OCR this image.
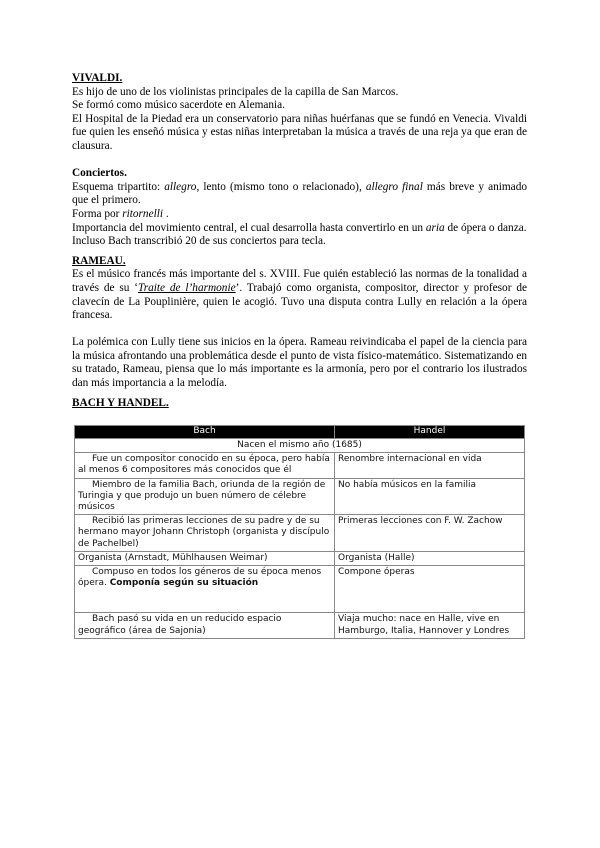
VIVALDI.

Es hijo de uno de los violinistas principales de la capilla de San Marcos.

Se formó como músico sacerdote en Alemania.

El Hospital de la Piedad era un conservatorio para niñas huérfanas que se fundó en Venecia. Vivaldi fue quien les enseñó música y estas niñas interpretaban la música a través de una reja ya que eran de clausura.

Conciertos.

Esquema tripartito: allegro, lento (mismo tono o relacionado), allegro final más breve y animado que el primero.

Forma por ritornelli .

Importancia del movimiento central, el cual desarrolla hasta convertirlo en un aria de ópera o danza.

Incluso Bach transcribió 20 de sus conciertos para tecla.

RAMEAU.

Es el músico francés más importante del s. XVIII. Fue quién estableció las normas de la tonalidad a través de su ‘Traite de l’harmonie’. Trabajó como organista, compositor, director y profesor de clavecín de La Pouplinière, quien le acogió. Tuvo una disputa contra Lully en relación a la ópera francesa.

La polémica con Lully tiene sus inicios en la ópera. Rameau reivindicaba el papel de la ciencia para la música afrontando una problemática desde el punto de vista físico-matemático. Sistematizando en su tratado, Rameau, piensa que lo más importante es la armonía, pero por el contrario los ilustrados dan más importancia a la melodía.

BACH Y HANDEL.
Bach	Handel
Nacen el mismo año (1685)	
Fue un compositor conocido en su época, pero había al menos 6 compositores más conocidos que él	Renombre internacional en vida
Miembro de la familia Bach, oriunda de la región de Turingia y que produjo un buen número de célebre músicos	No había músicos en la familia
Recibió las primeras lecciones de su padre y de su hermano mayor Johann Christoph (organista y discípulo de Pachelbel)	Primeras lecciones con F. W. Zachow
Organista (Arnstadt, Mühlhausen Weimar)	Organista (Halle)
Compuso en todos los géneros de su época menos ópera. Componía según su situación	Compone óperas
Bach pasó su vida en un reducido espacio geográfico (área de Sajonia)	Viaja mucho: nace en Halle, vive en Hamburgo, Italia, Hannover y Londres
